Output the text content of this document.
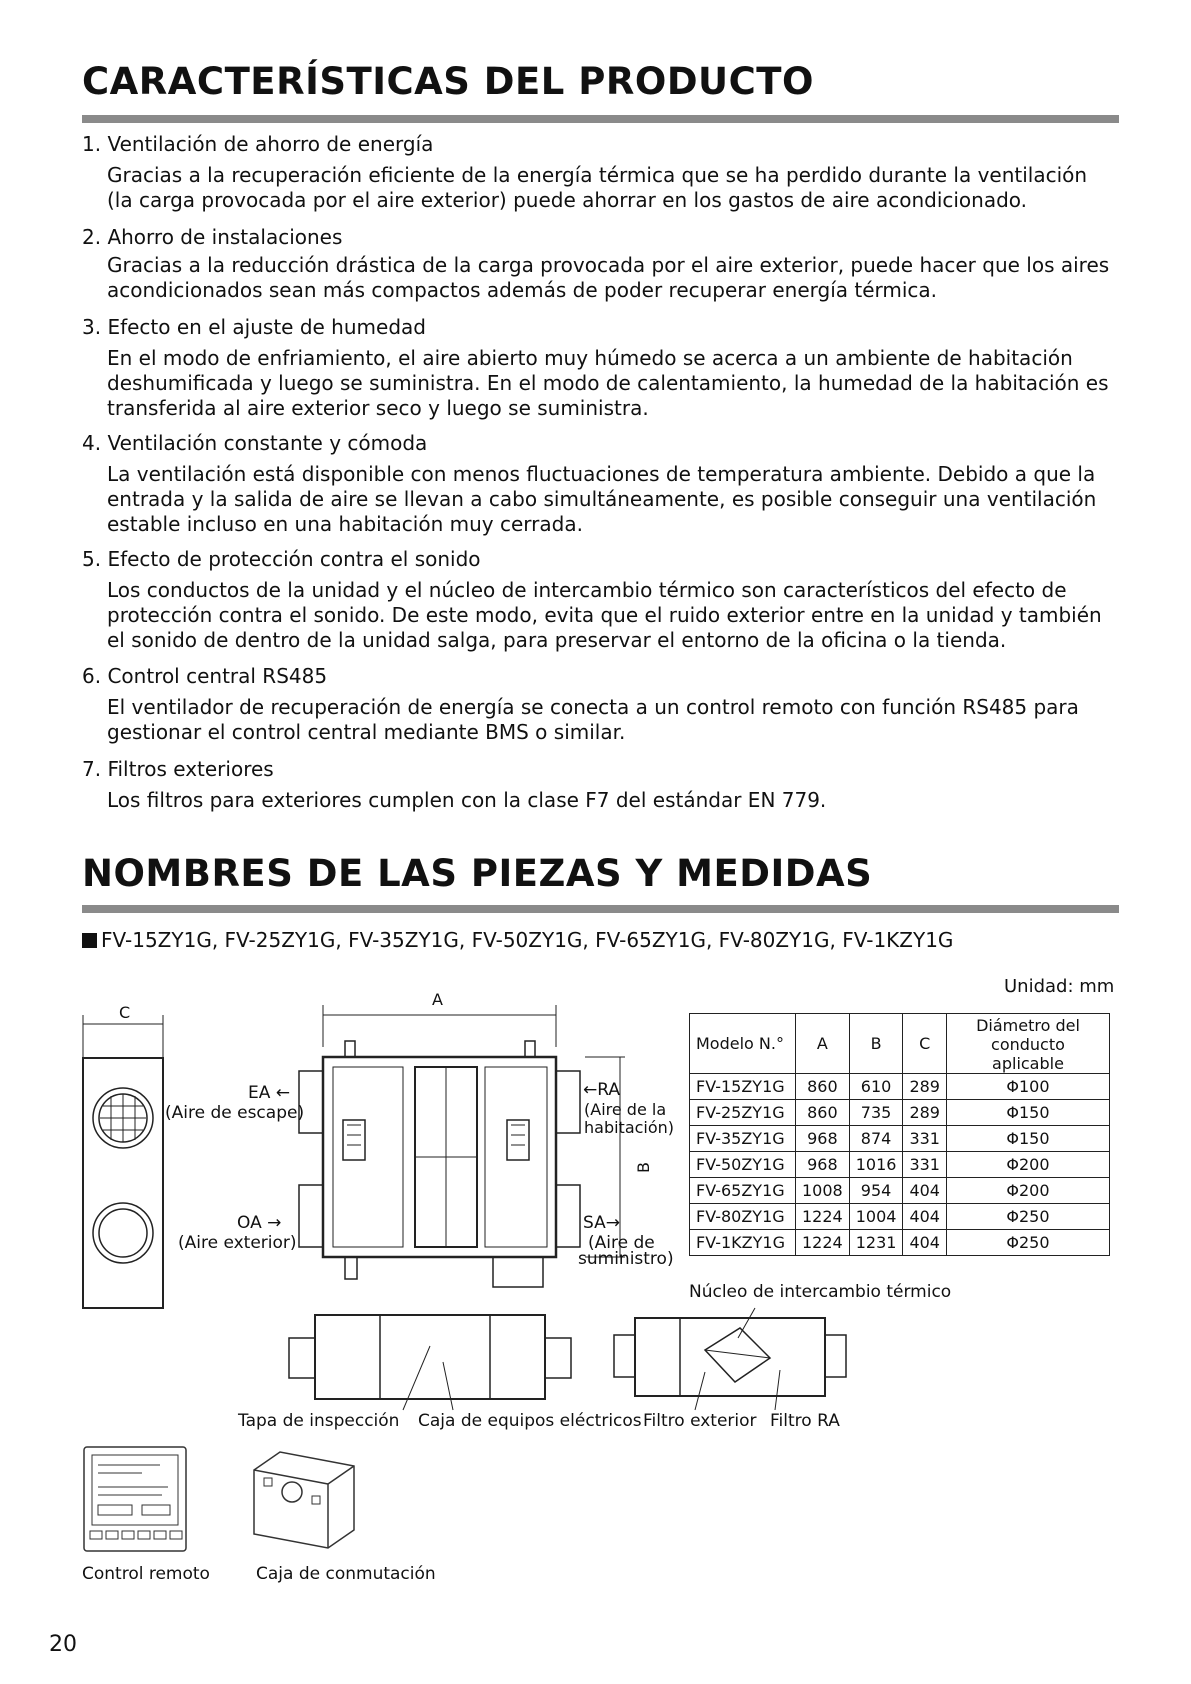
CARACTERÍSTICAS DEL PRODUCTO
1. Ventilación de ahorro de energía
Gracias a la recuperación eficiente de la energía térmica que se ha perdido durante la ventilación
(la carga provocada por el aire exterior) puede ahorrar en los gastos de aire acondicionado.
2. Ahorro de instalaciones
Gracias a la reducción drástica de la carga provocada por el aire exterior, puede hacer que los aires
acondicionados sean más compactos además de poder recuperar energía térmica.
3. Efecto en el ajuste de humedad
En el modo de enfriamiento, el aire abierto muy húmedo se acerca a un ambiente de habitación
deshumificada y luego se suministra. En el modo de calentamiento, la humedad de la habitación es
transferida al aire exterior seco y luego se suministra.
4. Ventilación constante y cómoda
La ventilación está disponible con menos fluctuaciones de temperatura ambiente. Debido a que la
entrada y la salida de aire se llevan a cabo simultáneamente, es posible conseguir una ventilación
estable incluso en una habitación muy cerrada.
5. Efecto de protección contra el sonido
Los conductos de la unidad y el núcleo de intercambio térmico son característicos del efecto de
protección contra el sonido. De este modo, evita que el ruido exterior entre en la unidad y también
el sonido de dentro de la unidad salga, para preservar el entorno de la oficina o la tienda.
6. Control central RS485
El ventilador de recuperación de energía se conecta a un control remoto con función RS485 para
gestionar el control central mediante BMS o similar.
7. Filtros exteriores
Los filtros para exteriores cumplen con la clase F7 del estándar EN 779.
NOMBRES DE LAS PIEZAS Y MEDIDAS
FV-15ZY1G, FV-25ZY1G, FV-35ZY1G, FV-50ZY1G, FV-65ZY1G, FV-80ZY1G, FV-1KZY1G
Unidad: mm
Modelo N.°	A	B	C	Diámetro del
conducto aplicable

FV-15ZY1G	860	610	289	Φ100
FV-25ZY1G	860	735	289	Φ150
FV-35ZY1G	968	874	331	Φ150
FV-50ZY1G	968	1016	331	Φ200
FV-65ZY1G	1008	954	404	Φ200
FV-80ZY1G	1224	1004	404	Φ250
FV-1KZY1G	1224	1231	404	Φ250
C
A
B
EA ←
(Aire de escape)
OA →
(Aire exterior)
←RA
(Aire de la
habitación)
SA→
(Aire de
suministro)
Núcleo de intercambio térmico
Tapa de inspección Caja de equipos eléctricos Filtro exterior Filtro RA
Control remoto	Caja de conmutación
20
